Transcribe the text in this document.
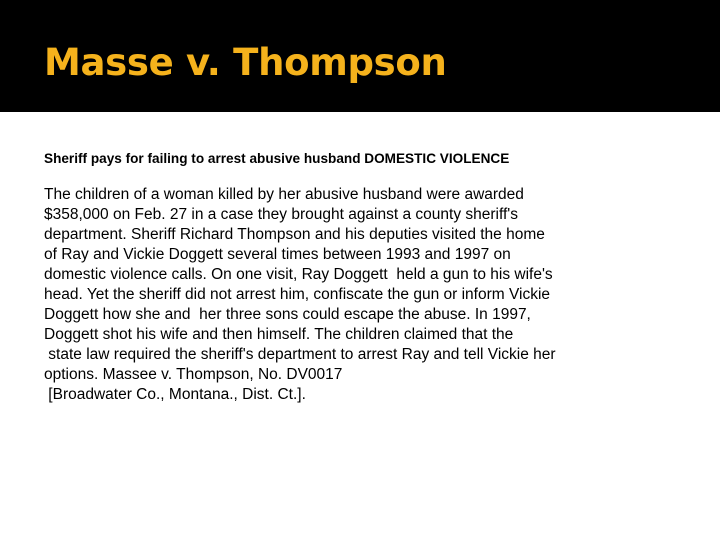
Masse v. Thompson

Sheriff pays for failing to arrest abusive husband DOMESTIC VIOLENCE

The children of a woman killed by her abusive husband were awarded
$358,000 on Feb. 27 in a case they brought against a county sheriff's
department. Sheriff Richard Thompson and his deputies visited the home
of Ray and Vickie Doggett several times between 1993 and 1997 on
domestic violence calls. On one visit, Ray Doggett  held a gun to his wife's
head. Yet the sheriff did not arrest him, confiscate the gun or inform Vickie
Doggett how she and  her three sons could escape the abuse. In 1997,
Doggett shot his wife and then himself. The children claimed that the
state law required the sheriff's department to arrest Ray and tell Vickie her
options. Massee v. Thompson, No. DV0017
[Broadwater Co., Montana., Dist. Ct.].
